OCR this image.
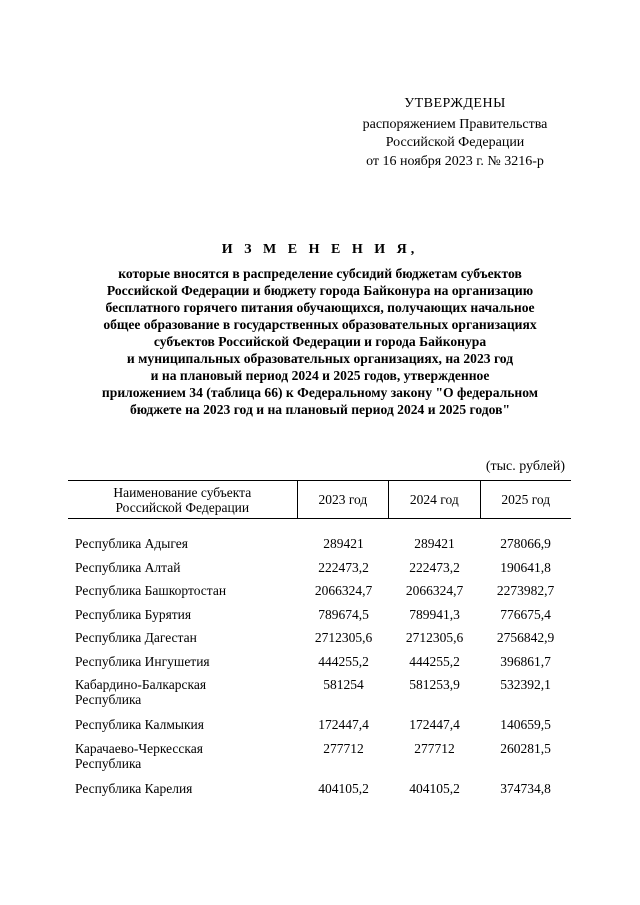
УТВЕРЖДЕНЫ
распоряжением Правительства
Российской Федерации
от 16 ноября 2023 г. № 3216-р
И З М Е Н Е Н И Я,
которые вносятся в распределение субсидий бюджетам субъектов
Российской Федерации и бюджету города Байконура на организацию
бесплатного горячего питания обучающихся, получающих начальное
общее образование в государственных образовательных организациях
субъектов Российской Федерации и города Байконура
и муниципальных образовательных организациях, на 2023 год
и на плановый период 2024 и 2025 годов, утвержденное
приложением 34 (таблица 66) к Федеральному закону "О федеральном
бюджете на 2023 год и на плановый период 2024 и 2025 годов"
(тыс. рублей)
Наименование субъекта
Российской Федерации	2023 год	2024 год	2025 год
Республика Адыгея	289421	289421	278066,9
Республика Алтай	222473,2	222473,2	190641,8
Республика Башкортостан	2066324,7	2066324,7	2273982,7
Республика Бурятия	789674,5	789941,3	776675,4
Республика Дагестан	2712305,6	2712305,6	2756842,9
Республика Ингушетия	444255,2	444255,2	396861,7
Кабардино-Балкарская
Республика
581254	581253,9	532392,1
Республика Калмыкия	172447,4	172447,4	140659,5
Карачаево-Черкесская
Республика
277712	277712	260281,5
Республика Карелия	404105,2	404105,2	374734,8
